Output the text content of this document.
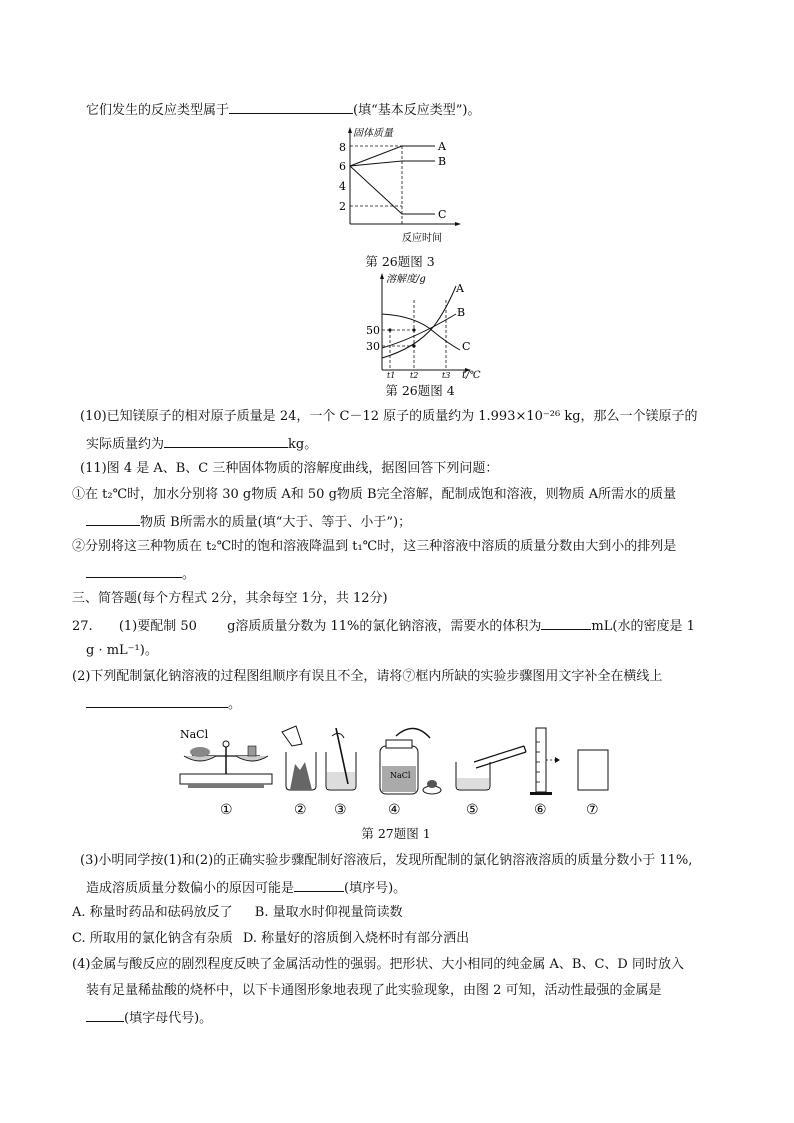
它们发生的反应类型属于	(填“基本反应类型”)。
固体质量
反应时间
8
6
4
2
A
B
C
第 26题图 3
溶解度/g
t/℃
50
30
t1 t2	t3
A
B
C
第 26题图 4
(10)已知镁原子的相对原子质量是 24，一个 C－12 原子的质量约为 1.993×10⁻²⁶ kg，那么一个镁原子的
实际质量约为	kg。
(11)图 4 是 A、B、C 三种固体物质的溶解度曲线，据图回答下列问题：
①在 t₂℃时，加水分别将 30 g物质 A和 50 g物质 B完全溶解，配制成饱和溶液，则物质 A所需水的质量
物质 B所需水的质量(填“大于、等于、小于”)；
②分别将这三种物质在 t₂℃时的饱和溶液降温到 t₁℃时，这三种溶液中溶质的质量分数由大到小的排列是
。
三、简答题(每个方程式 2分，其余每空 1分，共 12分)
27. (1)要配制 50 g溶质质量分数为 11%的氯化钠溶液，需要水的体积为	mL(水的密度是 1
g · mL⁻¹)。
(2)下列配制氯化钠溶液的过程图组顺序有误且不全，请将⑦框内所缺的实验步骤图用文字补全在横线上
。
NaCl
NaCl
①	② ③	④	⑤	⑥	⑦
第 27题图 1
(3)小明同学按(1)和(2)的正确实验步骤配制好溶液后，发现所配制的氯化钠溶液溶质的质量分数小于 11%,
造成溶质质量分数偏小的原因可能是	(填序号)。
A. 称量时药品和砝码放反了 B. 量取水时仰视量筒读数
C. 所取用的氯化钠含有杂质 D. 称量好的溶质倒入烧杯时有部分洒出
(4)金属与酸反应的剧烈程度反映了金属活动性的强弱。把形状、大小相同的纯金属 A、B、C、D 同时放入
装有足量稀盐酸的烧杯中，以下卡通图形象地表现了此实验现象，由图 2 可知，活动性最强的金属是
(填字母代号)。
